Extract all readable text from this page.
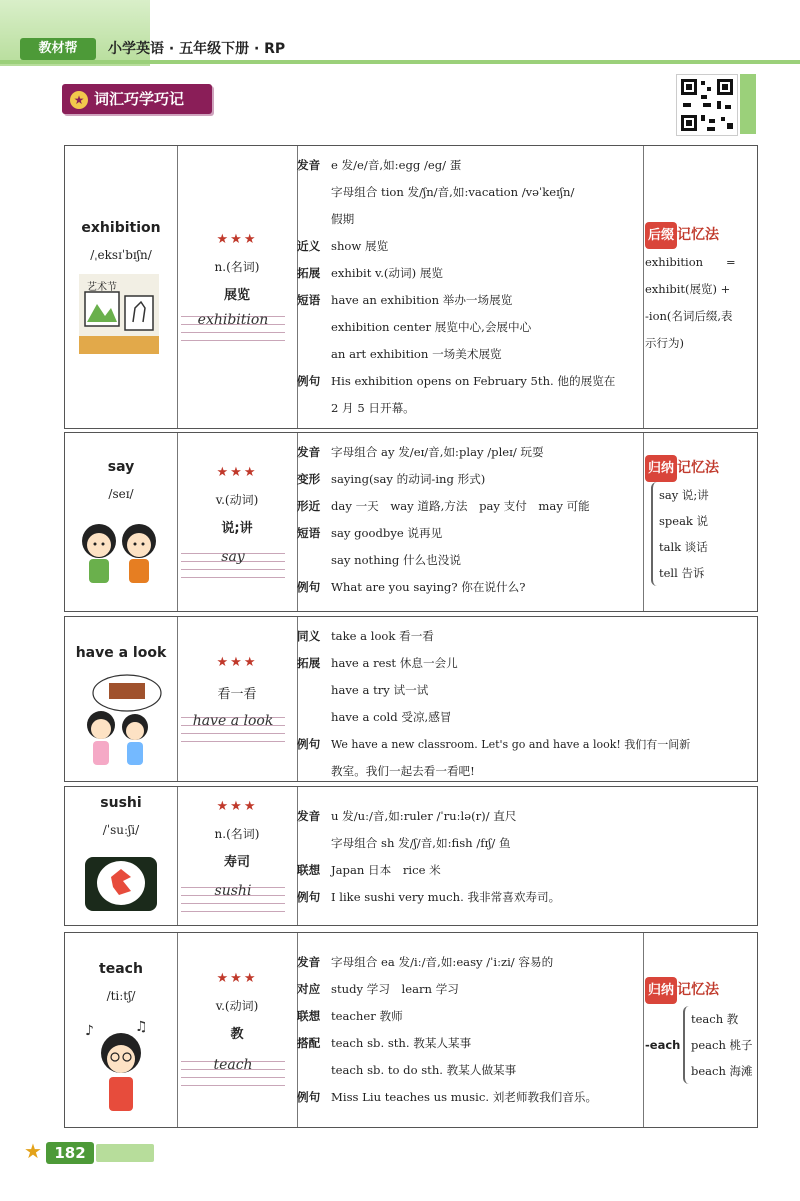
教材帮	小学英语 · 五年级下册 · RP
★ 词汇巧学巧记
exhibition
/ˌeksɪˈbɪʃn/
艺术节
★★★
n.(名词)
展览
exhibition
发音 e 发/e/音,如:egg /eg/ 蛋
字母组合 tion 发/ʃn/音,如:vacation /vəˈkeɪʃn/
假期
近义 show 展览
拓展 exhibit v.(动词) 展览
短语 have an exhibition 举办一场展览
exhibition center 展览中心,会展中心
an art exhibition 一场美术展览
例句 His exhibition opens on February 5th. 他的展览在
2 月 5 日开幕。
后缀 记忆法
exhibition　　=
exhibit(展览) +
-ion(名词后缀,表
示行为)
say
/seɪ/
★★★
v.(动词)
说;讲
say
发音 字母组合 ay 发/eɪ/音,如:play /pleɪ/ 玩耍
变形 saying(say 的动词-ing 形式)
形近 day 一天　way 道路,方法　pay 支付　may 可能
短语 say goodbye 说再见
say nothing 什么也没说
例句 What are you saying? 你在说什么?
归纳 记忆法
say 说;讲
speak 说
talk 谈话
tell 告诉
have a look
★★★
看一看
have a look
同义 take a look 看一看
拓展 have a rest 休息一会儿
have a try 试一试
have a cold 受凉,感冒
例句 We have a new classroom. Let's go and have a look! 我们有一间新
教室。我们一起去看一看吧!
sushi
/ˈsuːʃi/
★★★
n.(名词)
寿司
sushi
发音 u 发/uː/音,如:ruler /ˈruːlə(r)/ 直尺
字母组合 sh 发/ʃ/音,如:fish /fɪʃ/ 鱼
联想 Japan 日本　rice 米
例句 I like sushi very much. 我非常喜欢寿司。
teach
/tiːtʃ/
♪	♫
★★★
v.(动词)
教
teach
发音 字母组合 ea 发/iː/音,如:easy /ˈiːzi/ 容易的
对应 study 学习　learn 学习
联想 teacher 教师
搭配 teach sb. sth. 教某人某事
teach sb. to do sth. 教某人做某事
例句 Miss Liu teaches us music. 刘老师教我们音乐。
归纳 记忆法
-each
teach 教
peach 桃子
beach 海滩
★ 182
